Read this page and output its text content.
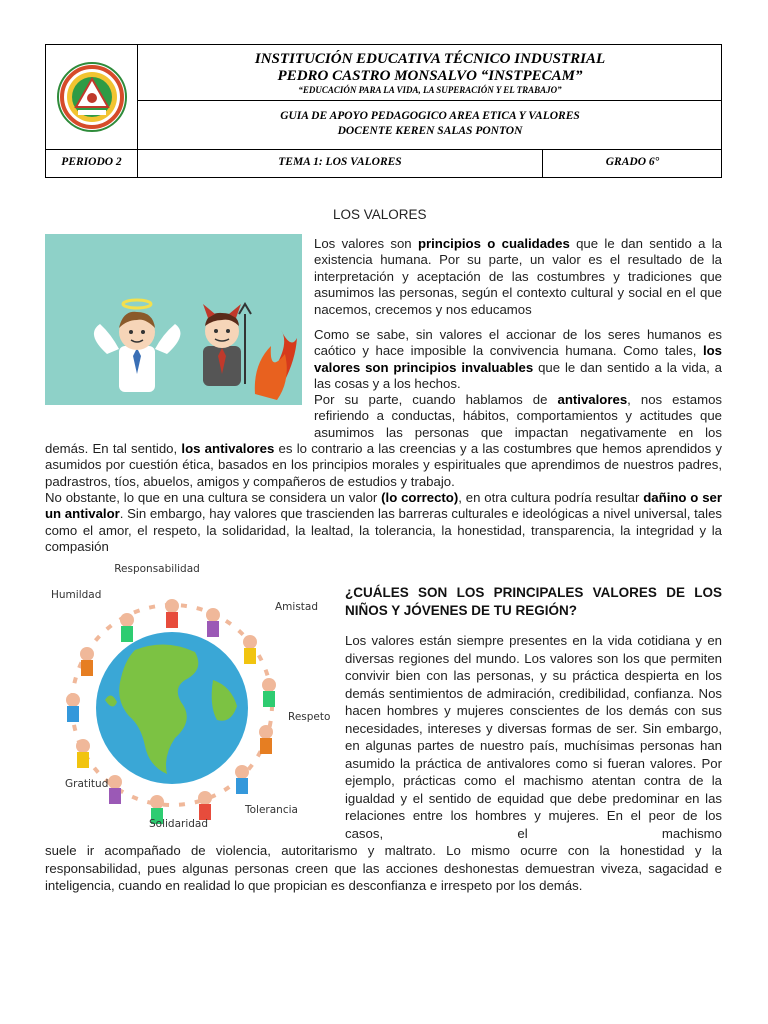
INSTITUCIÓN EDUCATIVA TÉCNICO INDUSTRIAL
PEDRO CASTRO MONSALVO “INSTPECAM”
“EDUCACIÓN PARA LA VIDA, LA SUPERACIÓN Y EL TRABAJO”
GUIA DE APOYO PEDAGOGICO AREA ETICA Y VALORES
DOCENTE KEREN SALAS PONTON
PERIODO 2	TEMA 1: LOS VALORES	GRADO 6°
LOS VALORES

Los valores son principios o cualidades que le dan sentido a la existencia humana. Por su parte, un valor es el resultado de la interpretación y aceptación de las costumbres y tradiciones que asumimos las personas, según el contexto cultural y social en el que nacemos, crecemos y nos educamos

Como se sabe, sin valores el accionar de los seres humanos es caótico y hace imposible la convivencia humana. Como tales, los valores son principios invaluables que le dan sentido a la vida, a las cosas y a los hechos.

Por su parte, cuando hablamos de antivalores, nos estamos refiriendo a conductas, hábitos, comportamientos y actitudes que asumimos las personas que impactan negativamente en los

demás. En tal sentido, los antivalores es lo contrario a las creencias y a las costumbres que hemos aprendidos y asumidos por cuestión ética, basados en los principios morales y espirituales que aprendimos de nuestros padres, padrastros, tíos, abuelos, amigos y compañeros de estudios y trabajo.

No obstante, lo que en una cultura se considera un valor (lo correcto), en otra cultura podría resultar dañino o ser un antivalor. Sin embargo, hay valores que trascienden las barreras culturales e ideológicas a nivel universal, tales como el amor, el respeto, la solidaridad, la lealtad, la tolerancia, la honestidad, transparencia, la integridad y la compasión

Responsabilidad
Humildad
Amistad
Respeto
Gratitud
Tolerancia
Solidaridad

¿CUÁLES SON LOS PRINCIPALES VALORES DE LOS NIÑOS Y JÓVENES DE TU REGIÓN?

Los valores están siempre presentes en la vida cotidiana y en diversas regiones del mundo. Los valores son los que permiten convivir bien con las personas, y su práctica despierta en los demás sentimientos de admiración, credibilidad, confianza. Nos hacen hombres y mujeres conscientes de los demás con sus necesidades, intereses y diversas formas de ser. Sin embargo, en algunas partes de nuestro país, muchísimas personas han asumido la práctica de antivalores como si fueran valores. Por ejemplo, prácticas como el machismo atentan contra de la igualdad y el sentido de equidad que debe predominar en las relaciones entre los hombres y mujeres. En el peor de los casos, el machismo

suele ir acompañado de violencia, autoritarismo y maltrato. Lo mismo ocurre con la honestidad y la responsabilidad, pues algunas personas creen que las acciones deshonestas demuestran viveza, sagacidad e inteligencia, cuando en realidad lo que propician es desconfianza e irrespeto por los demás.
